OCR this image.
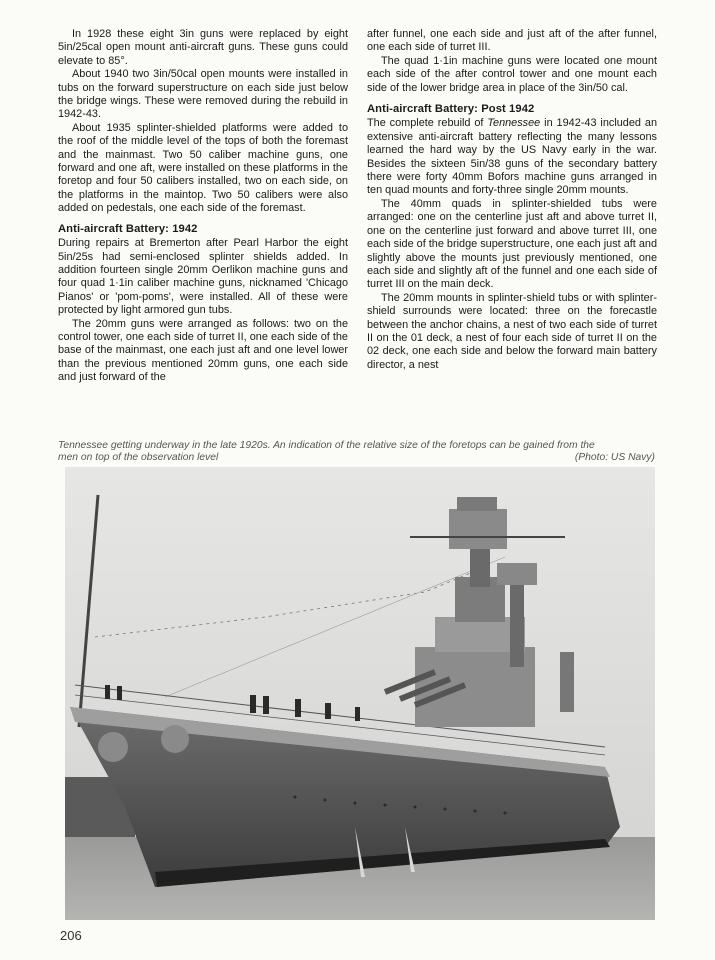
In 1928 these eight 3in guns were replaced by eight 5in/25cal open mount anti-aircraft guns. These guns could elevate to 85°.

About 1940 two 3in/50cal open mounts were installed in tubs on the forward superstructure on each side just below the bridge wings. These were removed during the rebuild in 1942-43.

About 1935 splinter-shielded platforms were added to the roof of the middle level of the tops of both the foremast and the mainmast. Two 50 caliber machine guns, one forward and one aft, were installed on these platforms in the foretop and four 50 calibers installed, two on each side, on the platforms in the maintop. Two 50 calibers were also added on pedestals, one each side of the foremast.

Anti-aircraft Battery: 1942

During repairs at Bremerton after Pearl Harbor the eight 5in/25s had semi-enclosed splinter shields added. In addition fourteen single 20mm Oerlikon machine guns and four quad 1·1in caliber machine guns, nicknamed 'Chicago Pianos' or 'pom-poms', were installed. All of these were protected by light armored gun tubs.

The 20mm guns were arranged as follows: two on the control tower, one each side of turret II, one each side of the base of the mainmast, one each just aft and one level lower than the previous mentioned 20mm guns, one each side and just forward of the

after funnel, one each side and just aft of the after funnel, one each side of turret III.

The quad 1·1in machine guns were located one mount each side of the after control tower and one mount each side of the lower bridge area in place of the 3in/50 cal.

Anti-aircraft Battery: Post 1942

The complete rebuild of Tennessee in 1942-43 included an extensive anti-aircraft battery reflecting the many lessons learned the hard way by the US Navy early in the war. Besides the sixteen 5in/38 guns of the secondary battery there were forty 40mm Bofors machine guns arranged in ten quad mounts and forty-three single 20mm mounts.

The 40mm quads in splinter-shielded tubs were arranged: one on the centerline just aft and above turret II, one on the centerline just forward and above turret III, one each side of the bridge superstructure, one each just aft and slightly above the mounts just previously mentioned, one each side and slightly aft of the funnel and one each side of turret III on the main deck.

The 20mm mounts in splinter-shield tubs or with splinter-shield surrounds were located: three on the forecastle between the anchor chains, a nest of two each side of turret II on the 01 deck, a nest of four each side of turret II on the 02 deck, one each side and below the forward main battery director, a nest

Tennessee getting underway in the late 1920s. An indication of the relative size of the foretops can be gained from the
men on top of the observation level	(Photo: US Navy)
206
